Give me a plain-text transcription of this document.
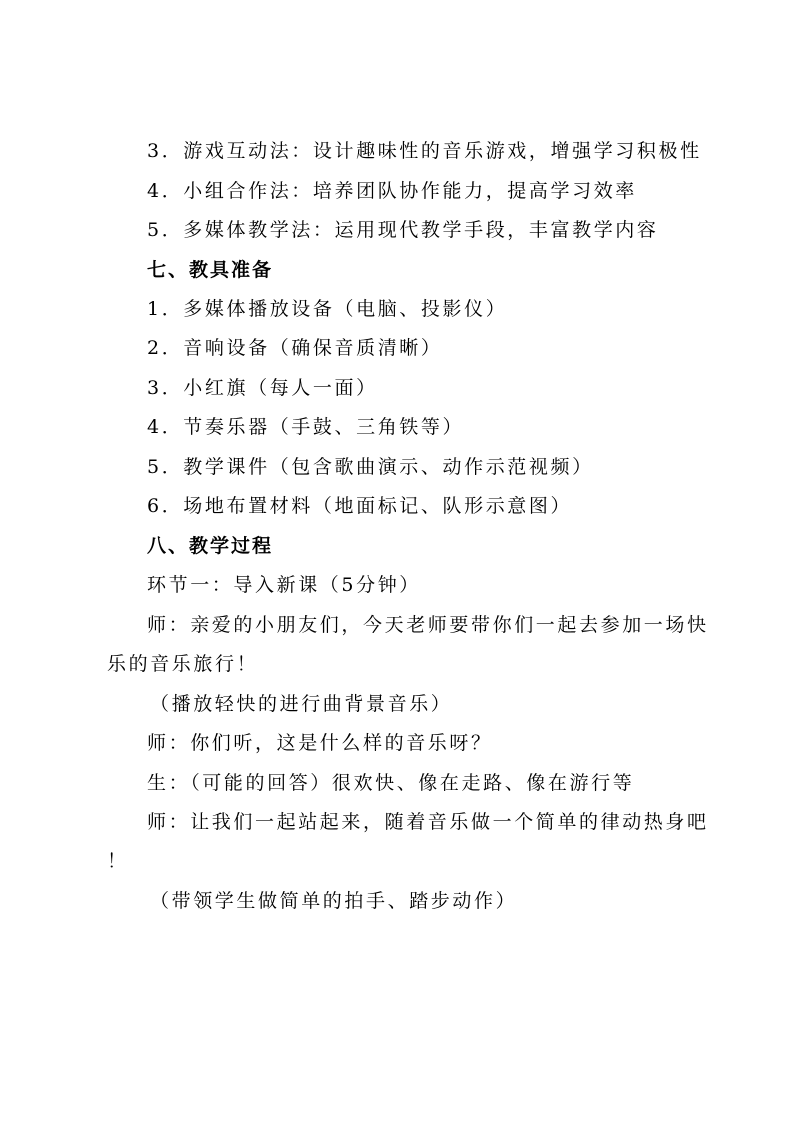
3．游戏互动法：设计趣味性的音乐游戏，增强学习积极性
4．小组合作法：培养团队协作能力，提高学习效率
5．多媒体教学法：运用现代教学手段，丰富教学内容
七、教具准备
1．多媒体播放设备（电脑、投影仪）
2．音响设备（确保音质清晰）
3．小红旗（每人一面）
4．节奏乐器（手鼓、三角铁等）
5．教学课件（包含歌曲演示、动作示范视频）
6．场地布置材料（地面标记、队形示意图）
八、教学过程
环节一：导入新课（5分钟）
师：亲爱的小朋友们，今天老师要带你们一起去参加一场快
乐的音乐旅行！
（播放轻快的进行曲背景音乐）
师：你们听，这是什么样的音乐呀？
生：（可能的回答）很欢快、像在走路、像在游行等
师：让我们一起站起来，随着音乐做一个简单的律动热身吧
！
（带领学生做简单的拍手、踏步动作）
